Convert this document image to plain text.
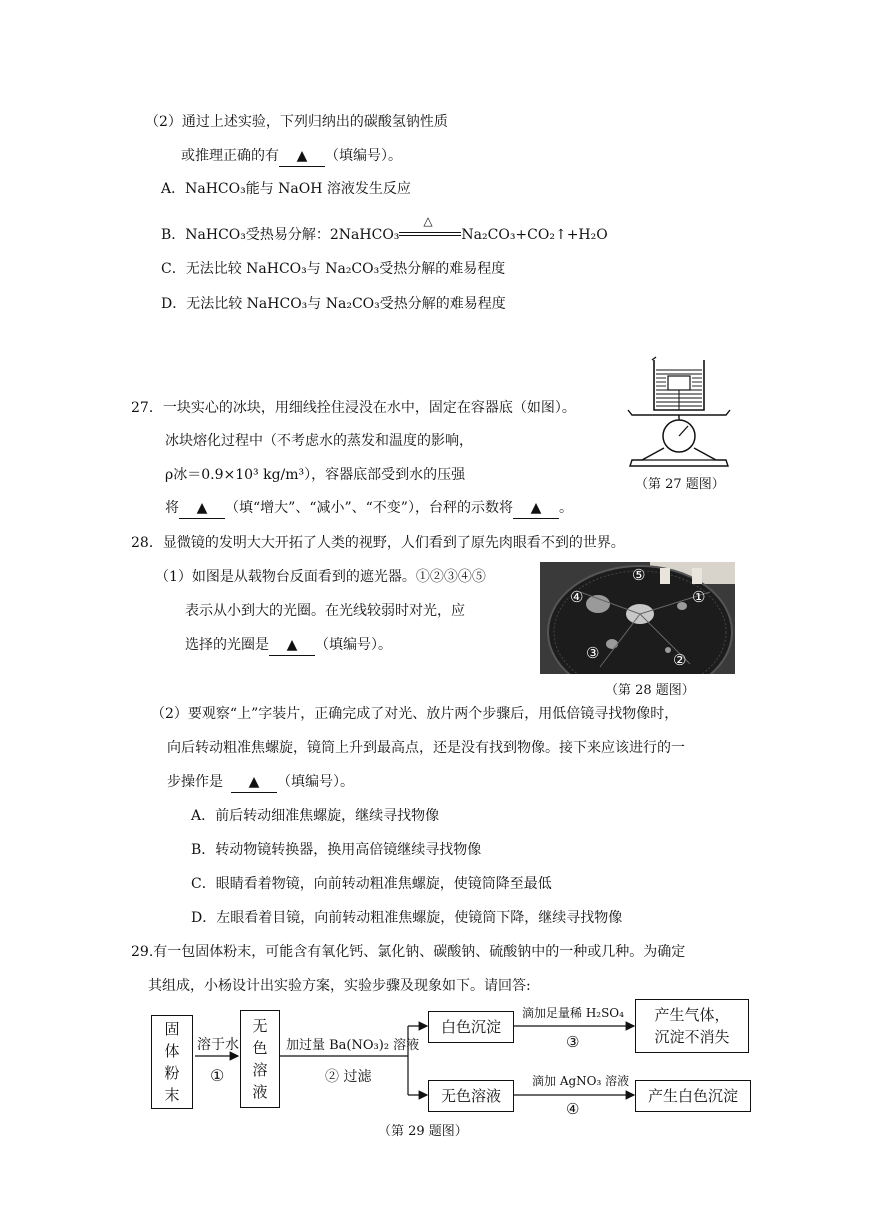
（2）通过上述实验，下列归纳出的碳酸氢钠性质
或推理正确的有 ▲ （填编号）。
A．NaHCO₃能与 NaOH 溶液发生反应
B．NaHCO₃受热易分解：2NaHCO₃
△
Na₂CO₃+CO₂↑+H₂O
C．无法比较 NaHCO₃与 Na₂CO₃受热分解的难易程度
D．无法比较 NaHCO₃与 Na₂CO₃受热分解的难易程度
27．一块实心的冰块，用细线拴住浸没在水中，固定在容器底（如图）。
冰块熔化过程中（不考虑水的蒸发和温度的影响，
ρ冰＝0.9×10³ kg/m³），容器底部受到水的压强
将 ▲ （填“增大”、“减小”、“不变”），台秤的示数将 ▲ 。
（第 27 题图）
28．显微镜的发明大大开拓了人类的视野，人们看到了原先肉眼看不到的世界。
（1）如图是从载物台反面看到的遮光器。①②③④⑤
表示从小到大的光圈。在光线较弱时对光，应
选择的光圈是 ▲ （填编号）。
①
②
③
④
⑤
（第 28 题图）
（2）要观察“上”字装片，正确完成了对光、放片两个步骤后，用低倍镜寻找物像时，
向后转动粗准焦螺旋，镜筒上升到最高点，还是没有找到物像。接下来应该进行的一
步操作是 ▲ （填编号）。
A．前后转动细准焦螺旋，继续寻找物像
B．转动物镜转换器，换用高倍镜继续寻找物像
C．眼睛看着物镜，向前转动粗准焦螺旋，使镜筒降至最低
D．左眼看着目镜，向前转动粗准焦螺旋，使镜筒下降，继续寻找物像
29.有一包固体粉末，可能含有氧化钙、氯化钠、碳酸钠、硫酸钠中的一种或几种。为确定
其组成，小杨设计出实验方案，实验步骤及现象如下。请回答:
固
体
粉
末
无
色
溶
液
白色沉淀
无色溶液
产生气体，
沉淀不消失
产生白色沉淀
溶于水
①
加过量 Ba(NO₃)₂ 溶液
② 过滤
滴加足量稀 H₂SO₄
③
滴加 AgNO₃ 溶液
④
（第 29 题图）
